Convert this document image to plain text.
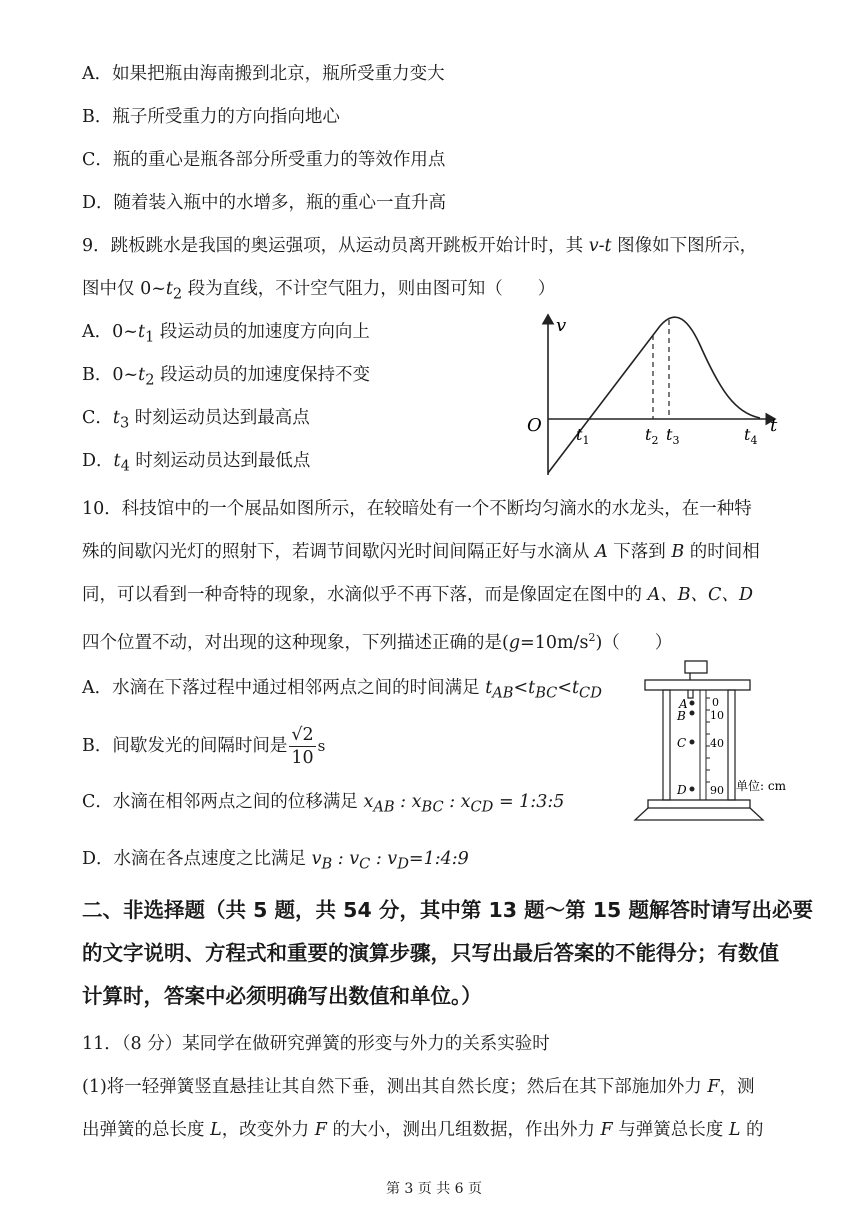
A．如果把瓶由海南搬到北京，瓶所受重力变大
B．瓶子所受重力的方向指向地心
C．瓶的重心是瓶各部分所受重力的等效作用点
D．随着装入瓶中的水增多，瓶的重心一直升高
9．跳板跳水是我国的奥运强项，从运动员离开跳板开始计时，其 v-t 图像如下图所示，
图中仅 $0\sim t_2$ 段为直线，不计空气阻力，则由图可知（　　）
A．$0\sim t_1$ 段运动员的加速度方向向上
B．$0\sim t_2$ 段运动员的加速度保持不变
C．$t_3$ 时刻运动员达到最高点
D．$t_4$ 时刻运动员达到最低点
v
t
O $t_1$	$t_2$ $t_3$	$t_4$
10．科技馆中的一个展品如图所示，在较暗处有一个不断均匀滴水的水龙头，在一种特
殊的间歇闪光灯的照射下，若调节间歇闪光时间间隔正好与水滴从 A 下落到 B 的时间相
同，可以看到一种奇特的现象，水滴似乎不再下落，而是像固定在图中的 A、B、C、D
四个位置不动，对出现的这种现象，下列描述正确的是$(g=10m/s^2)$（　　）
A．水滴在下落过程中通过相邻两点之间的时间满足 $t_{AB}<t_{BC}<t_{CD}$
B．间歇发光的间隔时间是 $\frac{√2}{10}$ s
C．水滴在相邻两点之间的位移满足 $x_{AB}$ : $x_{BC}$ : $x_{CD}$ = 1:3:5
D．水滴在各点速度之比满足 $v_B$ : $v_C$ : $v_D=1:4:9$
A
B
C
D
0
10
40
90 单位: cm
二、非选择题（共 5 题，共 54 分，其中第 13 题～第 15 题解答时请写出必要
的文字说明、方程式和重要的演算步骤，只写出最后答案的不能得分；有数值
计算时，答案中必须明确写出数值和单位。）
11．（8 分）某同学在做研究弹簧的形变与外力的关系实验时
(1)将一轻弹簧竖直悬挂让其自然下垂，测出其自然长度；然后在其下部施加外力 F，测
出弹簧的总长度 L，改变外力 F 的大小，测出几组数据，作出外力 F 与弹簧总长度 L 的
第 3 页 共 6 页
